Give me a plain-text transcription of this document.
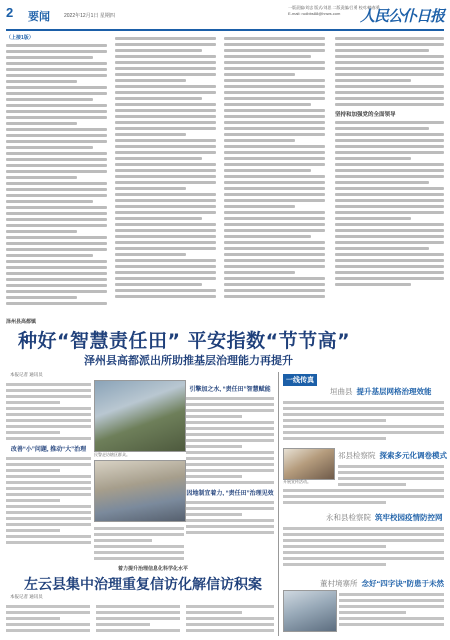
2 要闻	2022年12月1日 星期四
一版责编/刘忠 版式/刘思 二版责编/吕勇 校对/赖春勇 E-mail: rudbbs88@hnws.com	人民公仆日报
（上接1版）
坚持和加强党的全面领导
泽州县高都镇
种好“智慧责任田” 平安指数“节节高”
泽州县高都派出所助推基层治理能力再提升
本报记者 通讯员
改善“小”问题, 推动“大”治理
民警走访辖区群众。
引擎加之水, “责任田”智慧赋能
因地制宜着力, “责任田”治理见效
着力提升治理信息化科学化水平
左云县集中治理重复信访化解信访积案
本报记者 通讯员
一线传真
垣曲县 提升基层网格治理效能
开展宣传活动。
祁县检察院 探索多元化调卷模式
永和县检察院 筑牢校园疫情防控网
董村境寨所 念好“四字诀”防患于未然
